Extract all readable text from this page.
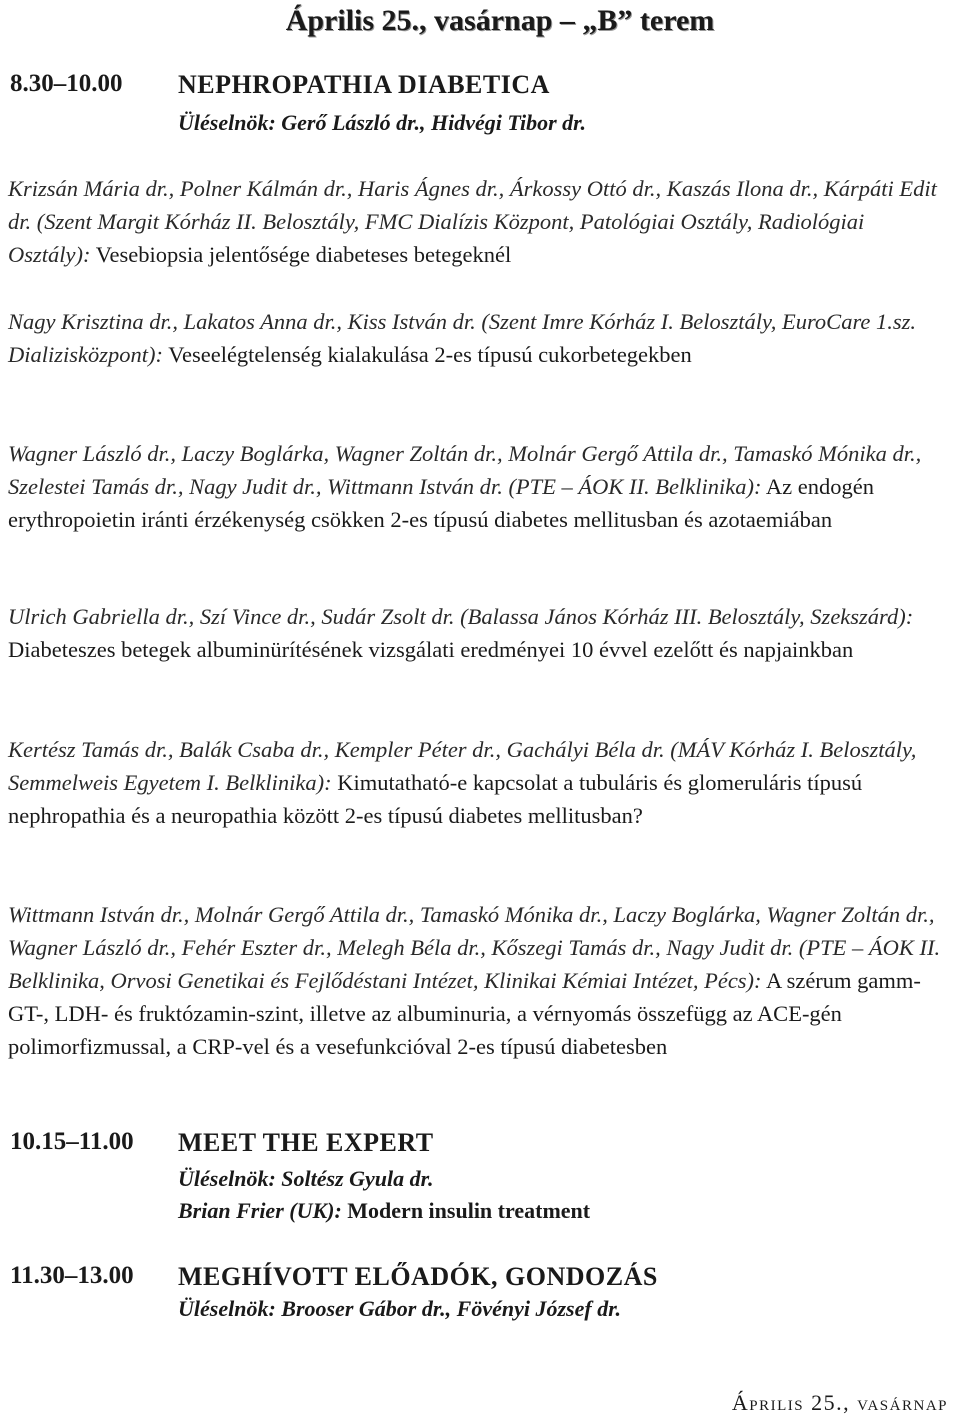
Április 25., vasárnap – „B” terem
8.30–10.00 NEPHROPATHIA DIABETICA
Üléselnök: Gerő László dr., Hidvégi Tibor dr.
Krizsán Mária dr., Polner Kálmán dr., Haris Ágnes dr., Árkossy Ottó dr., Kaszás Ilona dr., Kárpáti Edit dr. (Szent Margit Kórház II. Belosztály, FMC Dialízis Központ, Patológiai Osztály, Radiológiai Osztály): Vesebiopsia jelentősége diabeteses betegeknél
Nagy Krisztina dr., Lakatos Anna dr., Kiss István dr. (Szent Imre Kórház I. Belosztály, EuroCare 1.sz. Dializisközpont): Veseelégtelenség kialakulása 2-es típusú cukorbetegekben
Wagner László dr., Laczy Boglárka, Wagner Zoltán dr., Molnár Gergő Attila dr., Tamaskó Mónika dr., Szelestei Tamás dr., Nagy Judit dr., Wittmann István dr. (PTE – ÁOK II. Belklinika): Az endogén erythropoietin iránti érzékenység csökken 2-es típusú diabetes mellitusban és azotaemiában
Ulrich Gabriella dr., Szí Vince dr., Sudár Zsolt dr. (Balassa János Kórház III. Belosztály, Szekszárd): Diabeteszes betegek albuminürítésének vizsgálati eredményei 10 évvel ezelőtt és napjainkban
Kertész Tamás dr., Balák Csaba dr., Kempler Péter dr., Gachályi Béla dr. (MÁV Kórház I. Belosztály, Semmelweis Egyetem I. Belklinika): Kimutatható-e kapcsolat a tubuláris és glomeruláris típusú nephropathia és a neuropathia között 2-es típusú diabetes mellitusban?
Wittmann István dr., Molnár Gergő Attila dr., Tamaskó Mónika dr., Laczy Boglárka, Wagner Zoltán dr., Wagner László dr., Fehér Eszter dr., Melegh Béla dr., Kőszegi Tamás dr., Nagy Judit dr. (PTE – ÁOK II. Belklinika, Orvosi Genetikai és Fejlődéstani Intézet, Klinikai Kémiai Intézet, Pécs): A szérum gamm-GT-, LDH- és fruktózamin-szint, illetve az albuminuria, a vérnyomás összefügg az ACE-gén polimorfizmussal, a CRP-vel és a vesefunkcióval 2-es típusú diabetesben
10.15–11.00 MEET THE EXPERT
Üléselnök: Soltész Gyula dr.
Brian Frier (UK): Modern insulin treatment
11.30–13.00 MEGHÍVOTT ELŐADÓK, GONDOZÁS
Üléselnök: Brooser Gábor dr., Fövényi József dr.
Április 25., vasárnap
